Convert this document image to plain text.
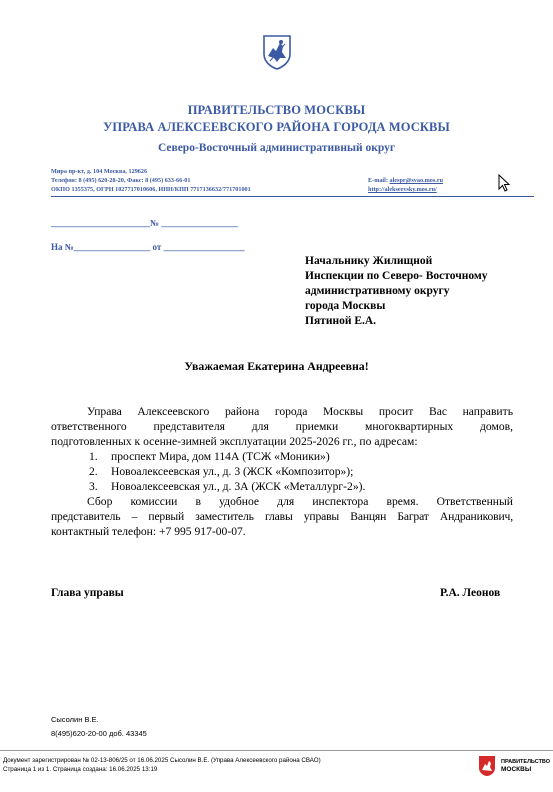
ПРАВИТЕЛЬСТВО МОСКВЫ
УПРАВА АЛЕКСЕЕВСКОГО РАЙОНА ГОРОДА МОСКВЫ
Северо-Восточный административный округ
Мира пр-кт, д. 104 Москва, 129626
Телефон: 8 (495) 620-28-20, Факс: 8 (495) 633-66-01
ОКПО 1355375, ОГРН 1027717010606, ИНН/КПП 7717136632/771701001
E-mail: alespr@svao.mos.ru
http://alekseevsky.mos.ru/
______________________№ _________________
На №_________________ от __________________
Начальнику Жилищной
Инспекции по Северо- Восточному
административному округу
города Москвы
Пятиной Е.А.
Уважаемая Екатерина Андреевна!
Управа Алексеевского района города Москвы просит Вас направить
ответственного представителя для приемки многоквартирных домов,
подготовленных к осенне-зимней эксплуатации 2025-2026 гг., по адресам:
1. проспект Мира, дом 114А (ТСЖ «Моники»)
2. Новоалексеевская ул., д. 3 (ЖСК «Композитор»);
3. Новоалексеевская ул., д. 3А (ЖСК «Металлург-2»).
Сбор комиссии в удобное для инспектора время. Ответственный
представитель – первый заместитель главы управы Ванцян Баграт Андраникович,
контактный телефон: +7 995 917-00-07.
Глава управы	Р.А. Леонов
Сысолин В.Е.
8(495)620-20-00 доб. 43345
Документ зарегистрирован № 02-13-806/25 от 16.06.2025 Сысолин В.Е. (Управа Алексеевского района СВАО)
Страница 1 из 1. Страница создана: 16.06.2025 13:19
ПРАВИТЕЛЬСТВО
МОСКВЫ
